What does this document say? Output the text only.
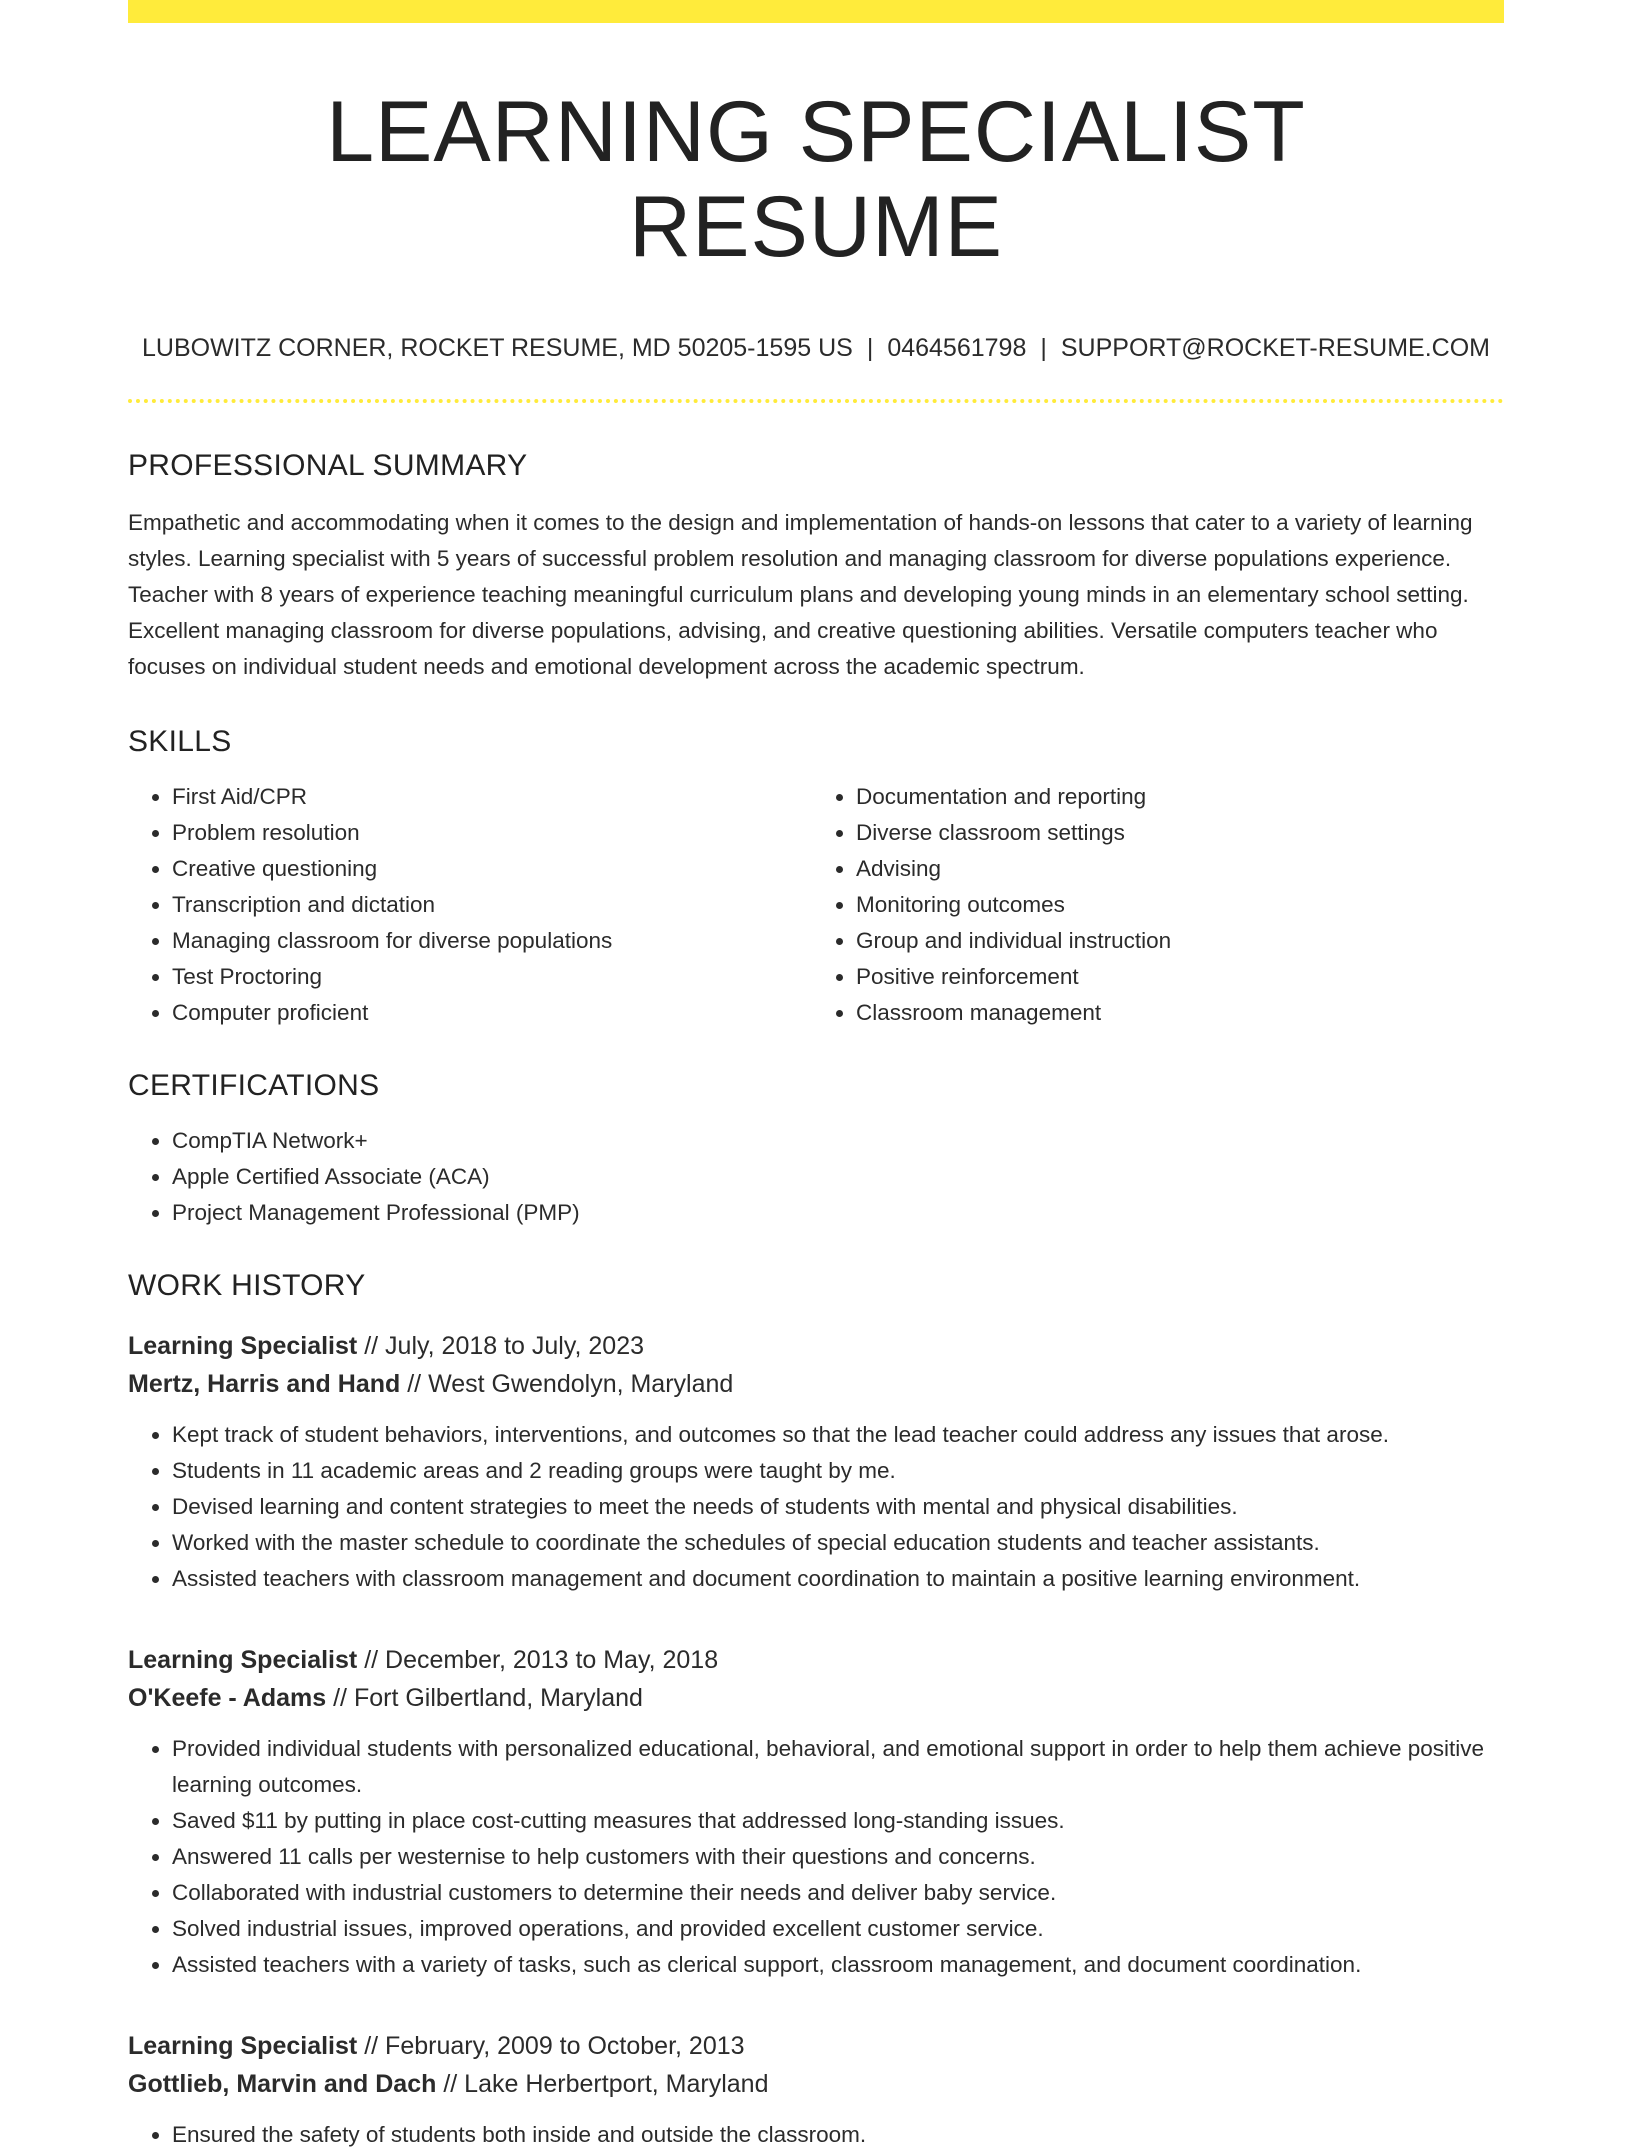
LEARNING SPECIALIST RESUME
LUBOWITZ CORNER, ROCKET RESUME, MD 50205-1595 US | 0464561798 | SUPPORT@ROCKET-RESUME.COM
PROFESSIONAL SUMMARY

Empathetic and accommodating when it comes to the design and implementation of hands-on lessons that cater to a variety of learning styles. Learning specialist with 5 years of successful problem resolution and managing classroom for diverse populations experience. Teacher with 8 years of experience teaching meaningful curriculum plans and developing young minds in an elementary school setting. Excellent managing classroom for diverse populations, advising, and creative questioning abilities. Versatile computers teacher who focuses on individual student needs and emotional development across the academic spectrum.

SKILLS
• First Aid/CPR
• Problem resolution
• Creative questioning
• Transcription and dictation
• Managing classroom for diverse populations
• Test Proctoring
• Computer proficient
• Documentation and reporting
• Diverse classroom settings
• Advising
• Monitoring outcomes
• Group and individual instruction
• Positive reinforcement
• Classroom management
CERTIFICATIONS
• CompTIA Network+
• Apple Certified Associate (ACA)
• Project Management Professional (PMP)
WORK HISTORY
Learning Specialist // July, 2018 to July, 2023
Mertz, Harris and Hand // West Gwendolyn, Maryland
• Kept track of student behaviors, interventions, and outcomes so that the lead teacher could address any issues that arose.
• Students in 11 academic areas and 2 reading groups were taught by me.
• Devised learning and content strategies to meet the needs of students with mental and physical disabilities.
• Worked with the master schedule to coordinate the schedules of special education students and teacher assistants.
• Assisted teachers with classroom management and document coordination to maintain a positive learning environment.
Learning Specialist // December, 2013 to May, 2018
O'Keefe - Adams // Fort Gilbertland, Maryland
• Provided individual students with personalized educational, behavioral, and emotional support in order to help them achieve positive learning outcomes.
• Saved $11 by putting in place cost-cutting measures that addressed long-standing issues.
• Answered 11 calls per westernise to help customers with their questions and concerns.
• Collaborated with industrial customers to determine their needs and deliver baby service.
• Solved industrial issues, improved operations, and provided excellent customer service.
• Assisted teachers with a variety of tasks, such as clerical support, classroom management, and document coordination.
Learning Specialist // February, 2009 to October, 2013
Gottlieb, Marvin and Dach // Lake Herbertport, Maryland
• Ensured the safety of students both inside and outside the classroom.
